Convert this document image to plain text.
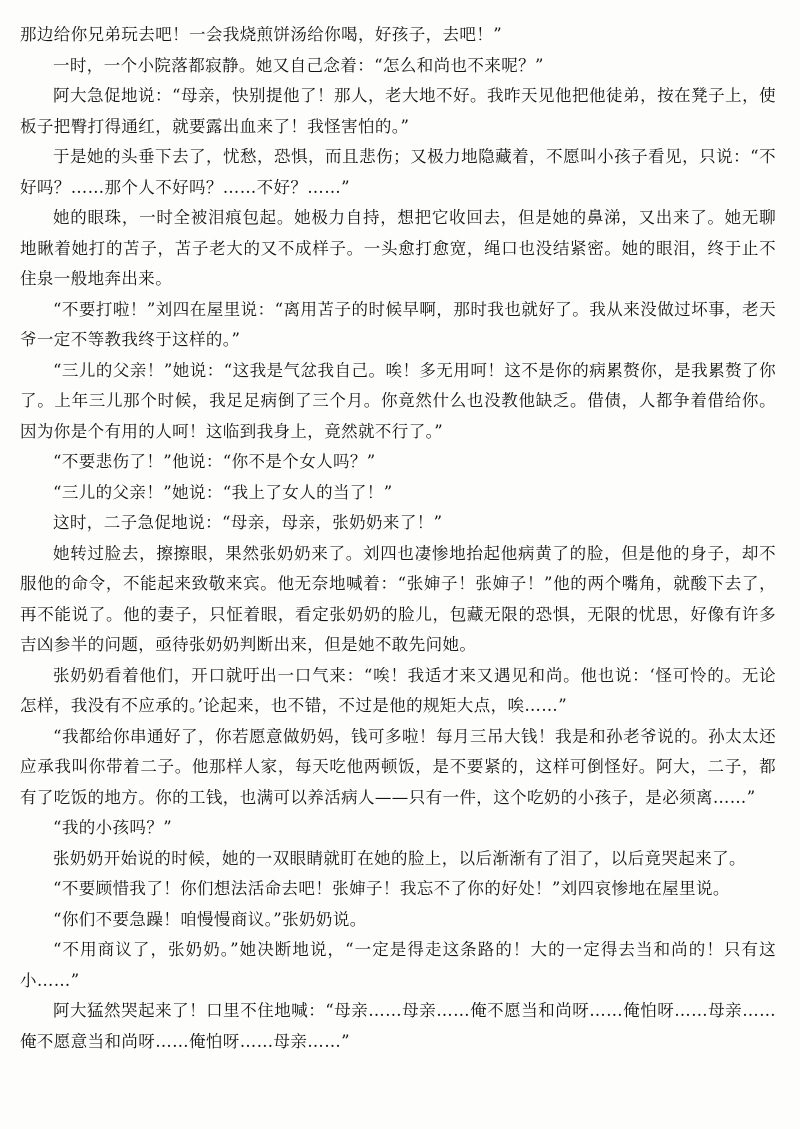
那边给你兄弟玩去吧！一会我烧煎饼汤给你喝，好孩子，去吧！”

一时，一个小院落都寂静。她又自己念着：“怎么和尚也不来呢？”

阿大急促地说：“母亲，快别提他了！那人，老大地不好。我昨天见他把他徒弟，按在凳子上，使板子把臀打得通红，就要露出血来了！我怪害怕的。”

于是她的头垂下去了，忧愁，恐惧，而且悲伤；又极力地隐藏着，不愿叫小孩子看见，只说：“不好吗？……那个人不好吗？……不好？……”

她的眼珠，一时全被泪痕包起。她极力自持，想把它收回去，但是她的鼻涕，又出来了。她无聊地瞅着她打的苫子，苫子老大的又不成样子。一头愈打愈宽，绳口也没结紧密。她的眼泪，终于止不住泉一般地奔出来。

“不要打啦！”刘四在屋里说：“离用苫子的时候早啊，那时我也就好了。我从来没做过坏事，老天爷一定不等教我终于这样的。”

“三儿的父亲！”她说：“这我是气忿我自己。唉！多无用呵！这不是你的病累赘你，是我累赘了你了。上年三儿那个时候，我足足病倒了三个月。你竟然什么也没教他缺乏。借债，人都争着借给你。因为你是个有用的人呵！这临到我身上，竟然就不行了。”

“不要悲伤了！”他说：“你不是个女人吗？”

“三儿的父亲！”她说：“我上了女人的当了！”

这时，二子急促地说：“母亲，母亲，张奶奶来了！”

她转过脸去，擦擦眼，果然张奶奶来了。刘四也凄惨地抬起他病黄了的脸，但是他的身子，却不服他的命令，不能起来致敬来宾。他无奈地喊着：“张婶子！张婶子！”他的两个嘴角，就酸下去了，再不能说了。他的妻子，只怔着眼，看定张奶奶的脸儿，包藏无限的恐惧，无限的忧思，好像有许多吉凶参半的问题，亟待张奶奶判断出来，但是她不敢先问她。

张奶奶看着他们，开口就吁出一口气来：“唉！我适才来又遇见和尚。他也说：‘怪可怜的。无论怎样，我没有不应承的。’论起来，也不错，不过是他的规矩大点，唉……”

“我都给你串通好了，你若愿意做奶妈，钱可多啦！每月三吊大钱！我是和孙老爷说的。孙太太还应承我叫你带着二子。他那样人家，每天吃他两顿饭，是不要紧的，这样可倒怪好。阿大，二子，都有了吃饭的地方。你的工钱，也满可以养活病人——只有一件，这个吃奶的小孩子，是必须离……”

“我的小孩吗？”

张奶奶开始说的时候，她的一双眼睛就盯在她的脸上，以后渐渐有了泪了，以后竟哭起来了。

“不要顾惜我了！你们想法活命去吧！张婶子！我忘不了你的好处！”刘四哀惨地在屋里说。

“你们不要急躁！咱慢慢商议。”张奶奶说。

“不用商议了，张奶奶。”她决断地说，“一定是得走这条路的！大的一定得去当和尚的！只有这小……”

阿大猛然哭起来了！口里不住地喊：“母亲……母亲……俺不愿当和尚呀……俺怕呀……母亲……俺不愿意当和尚呀……俺怕呀……母亲……”
